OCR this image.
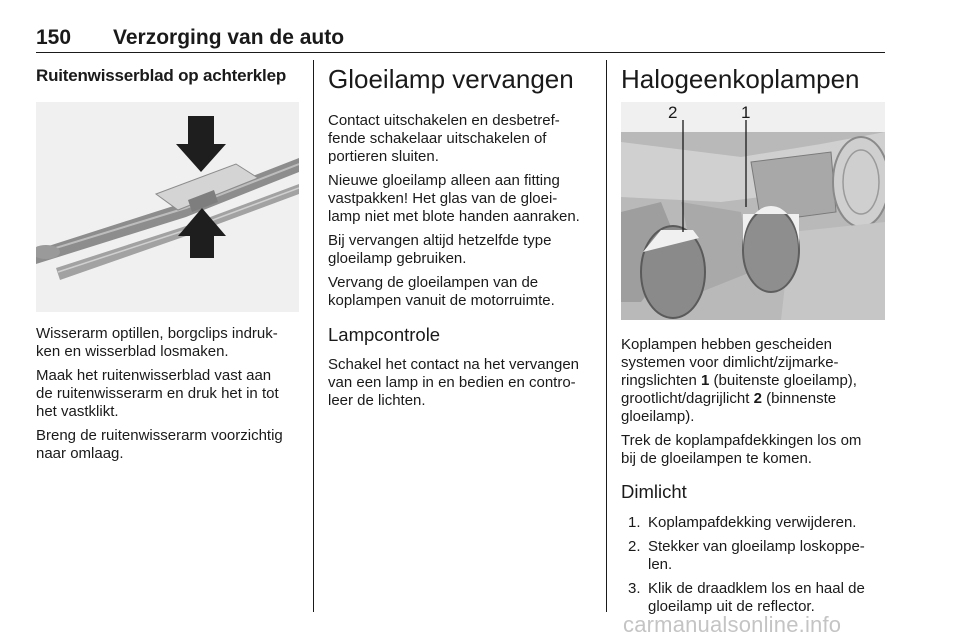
150 Verzorging van de auto
Ruitenwisserblad op achterklep

Wisserarm optillen, borgclips indruk-
ken en wisserblad losmaken.

Maak het ruitenwisserblad vast aan
de ruitenwisserarm en druk het in tot
het vastklikt.

Breng de ruitenwisserarm voorzichtig
naar omlaag.

Gloeilamp vervangen

Contact uitschakelen en desbetref-
fende schakelaar uitschakelen of
portieren sluiten.

Nieuwe gloeilamp alleen aan fitting
vastpakken! Het glas van de gloei-
lamp niet met blote handen aanraken.

Bij vervangen altijd hetzelfde type
gloeilamp gebruiken.

Vervang de gloeilampen van de
koplampen vanuit de motorruimte.

Lampcontrole

Schakel het contact na het vervangen
van een lamp in en bedien en contro-
leer de lichten.

Halogeenkoplampen
2	1

Koplampen hebben gescheiden
systemen voor dimlicht/zijmarke-
ringslichten 1 (buitenste gloeilamp),
grootlicht/dagrijlicht 2 (binnenste
gloeilamp).

Trek de koplampafdekkingen los om
bij de gloeilampen te komen.

Dimlicht
1. Koplampafdekking verwijderen.
2. Stekker van gloeilamp loskoppe-
len.
3. Klik de draadklem los en haal de
gloeilamp uit de reflector.
carmanualsonline.info
